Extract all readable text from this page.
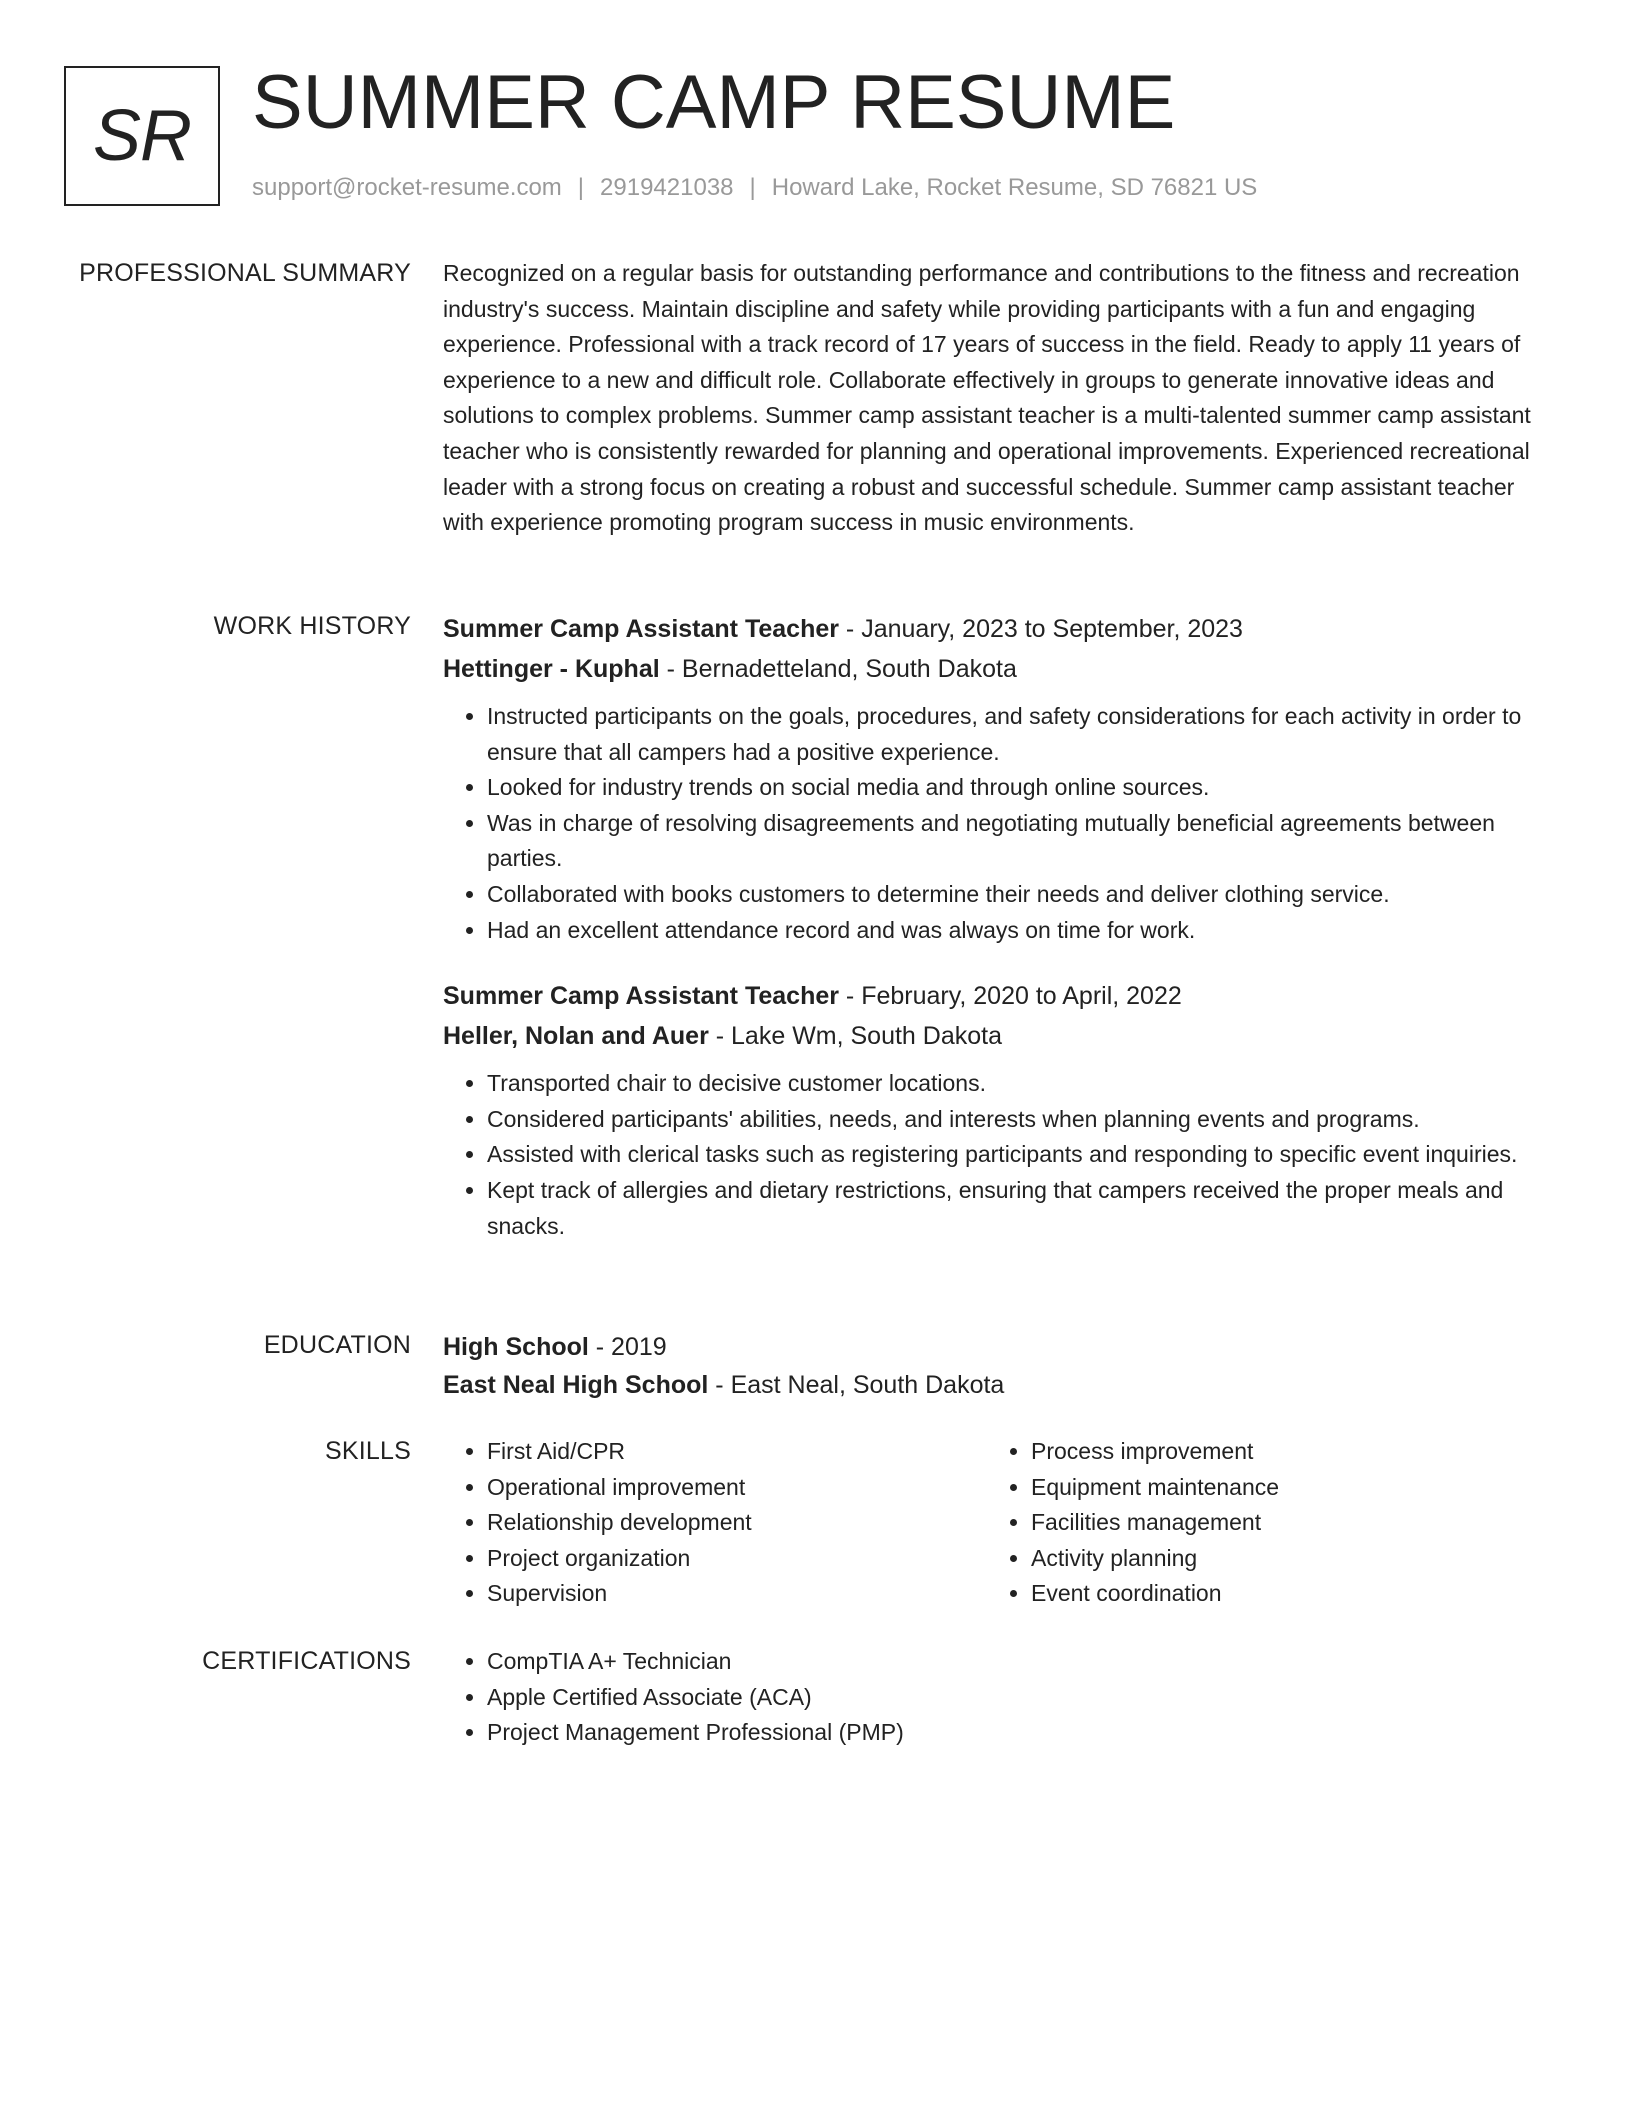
SR SUMMER CAMP RESUME
support@rocket-resume.com | 2919421038 | Howard Lake, Rocket Resume, SD 76821 US
PROFESSIONAL SUMMARY Recognized on a regular basis for outstanding performance and contributions to the fitness and recreation industry's success. Maintain discipline and safety while providing participants with a fun and engaging experience. Professional with a track record of 17 years of success in the field. Ready to apply 11 years of experience to a new and difficult role. Collaborate effectively in groups to generate innovative ideas and solutions to complex problems. Summer camp assistant teacher is a multi-talented summer camp assistant teacher who is consistently rewarded for planning and operational improvements. Experienced recreational leader with a strong focus on creating a robust and successful schedule. Summer camp assistant teacher with experience promoting program success in music environments.

WORK HISTORY Summer Camp Assistant Teacher - January, 2023 to September, 2023
Hettinger - Kuphal - Bernadetteland, South Dakota
• Instructed participants on the goals, procedures, and safety considerations for each activity in order to ensure that all campers had a positive experience.
• Looked for industry trends on social media and through online sources.
• Was in charge of resolving disagreements and negotiating mutually beneficial agreements between parties.
• Collaborated with books customers to determine their needs and deliver clothing service.
• Had an excellent attendance record and was always on time for work.
Summer Camp Assistant Teacher - February, 2020 to April, 2022
Heller, Nolan and Auer - Lake Wm, South Dakota
• Transported chair to decisive customer locations.
• Considered participants' abilities, needs, and interests when planning events and programs.
• Assisted with clerical tasks such as registering participants and responding to specific event inquiries.
• Kept track of allergies and dietary restrictions, ensuring that campers received the proper meals and snacks.
EDUCATION High School - 2019
East Neal High School - East Neal, South Dakota
SKILLS	• First Aid/CPR
• Operational improvement
• Relationship development
• Project organization
• Supervision
• Process improvement
• Equipment maintenance
• Facilities management
• Activity planning
• Event coordination
CERTIFICATIONS	• CompTIA A+ Technician
• Apple Certified Associate (ACA)
• Project Management Professional (PMP)
